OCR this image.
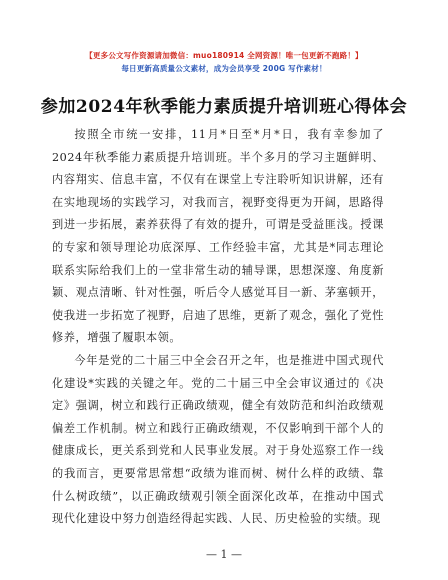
【更多公文写作资源请加微信：muo180914 全网资源！唯一包更新不跑路！】
每日更新高质量公文素材，成为会员享受 200G 写作素材！
参加2024年秋季能力素质提升培训班心得体会

按照全市统一安排，11月*日至*月*日，我有幸参加了2024年秋季能力素质提升培训班。半个多月的学习主题鲜明、内容翔实、信息丰富，不仅有在课堂上专注聆听知识讲解，还有在实地现场的实践学习，对我而言，视野变得更为开阔，思路得到进一步拓展，素养获得了有效的提升，可谓是受益匪浅。授课的专家和领导理论功底深厚、工作经验丰富，尤其是*同志理论联系实际给我们上的一堂非常生动的辅导课，思想深邃、角度新颖、观点清晰、针对性强，听后令人感觉耳目一新、茅塞顿开，使我进一步拓宽了视野，启迪了思维，更新了观念，强化了党性修养，增强了履职本领。

今年是党的二十届三中全会召开之年，也是推进中国式现代化建设*实践的关键之年。党的二十届三中全会审议通过的《决定》强调，树立和践行正确政绩观，健全有效防范和纠治政绩观偏差工作机制。树立和践行正确政绩观，不仅影响到干部个人的健康成长，更关系到党和人民事业发展。对于身处巡察工作一线的我而言，更要常思常想“政绩为谁而树、树什么样的政绩、靠什么树政绩”，以正确政绩观引领全面深化改革，在推动中国式现代化建设中努力创造经得起实践、人民、历史检验的实绩。现

— 1 —
